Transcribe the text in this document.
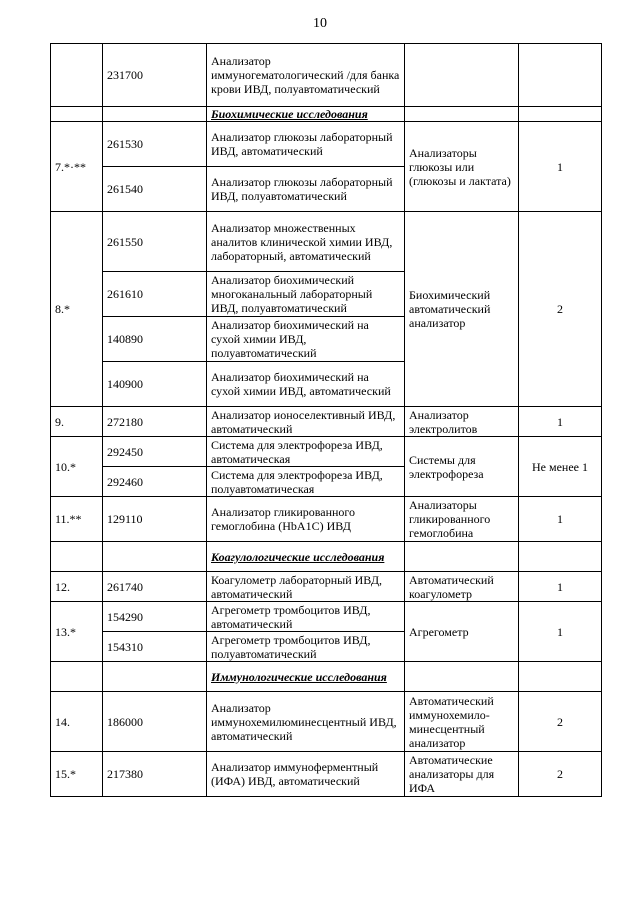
10
	231700	Анализатор иммуногематологический /для банка крови ИВД, полуавтоматический		
		Биохимические исследования		
7.*·**	261530	Анализатор глюкозы лабораторный ИВД, автоматический	Анализаторы глюкозы или (глюкозы и лактата)	1
	261540	Анализатор глюкозы лабораторный ИВД, полуавтоматический		
8.*	261550	Анализатор множественных аналитов клинической химии ИВД, лабораторный, автоматический	Биохимический автоматический анализатор	2
	261610	Анализатор биохимический многоканальный лабораторный ИВД, полуавтоматический		
	140890	Анализатор биохимический на сухой химии ИВД, полуавтоматический		
	140900	Анализатор биохимический на сухой химии ИВД, автоматический		
9.	272180	Анализатор ионоселективный ИВД, автоматический	Анализатор электролитов	1
10.*	292450	Система для электрофореза ИВД, автоматическая	Системы для электрофореза	Не менее 1
	292460	Система для электрофореза ИВД, полуавтоматическая		
11.**	129110	Анализатор гликированного гемоглобина (HbA1C) ИВД	Анализаторы гликированного гемоглобина	1
		Коагулологические исследования		
12.	261740	Коагулометр лабораторный ИВД, автоматический	Автоматический коагулометр	1
13.*	154290	Агрегометр тромбоцитов ИВД, автоматический	Агрегометр	1
	154310	Агрегометр тромбоцитов ИВД, полуавтоматический		
		Иммунологические исследования		
14.	186000	Анализатор иммунохемилюминесцентный ИВД, автоматический	Автоматический иммунохемило-минесцентный анализатор	2
15.*	217380	Анализатор иммуноферментный (ИФА) ИВД, автоматический	Автоматические анализаторы для ИФА	2
